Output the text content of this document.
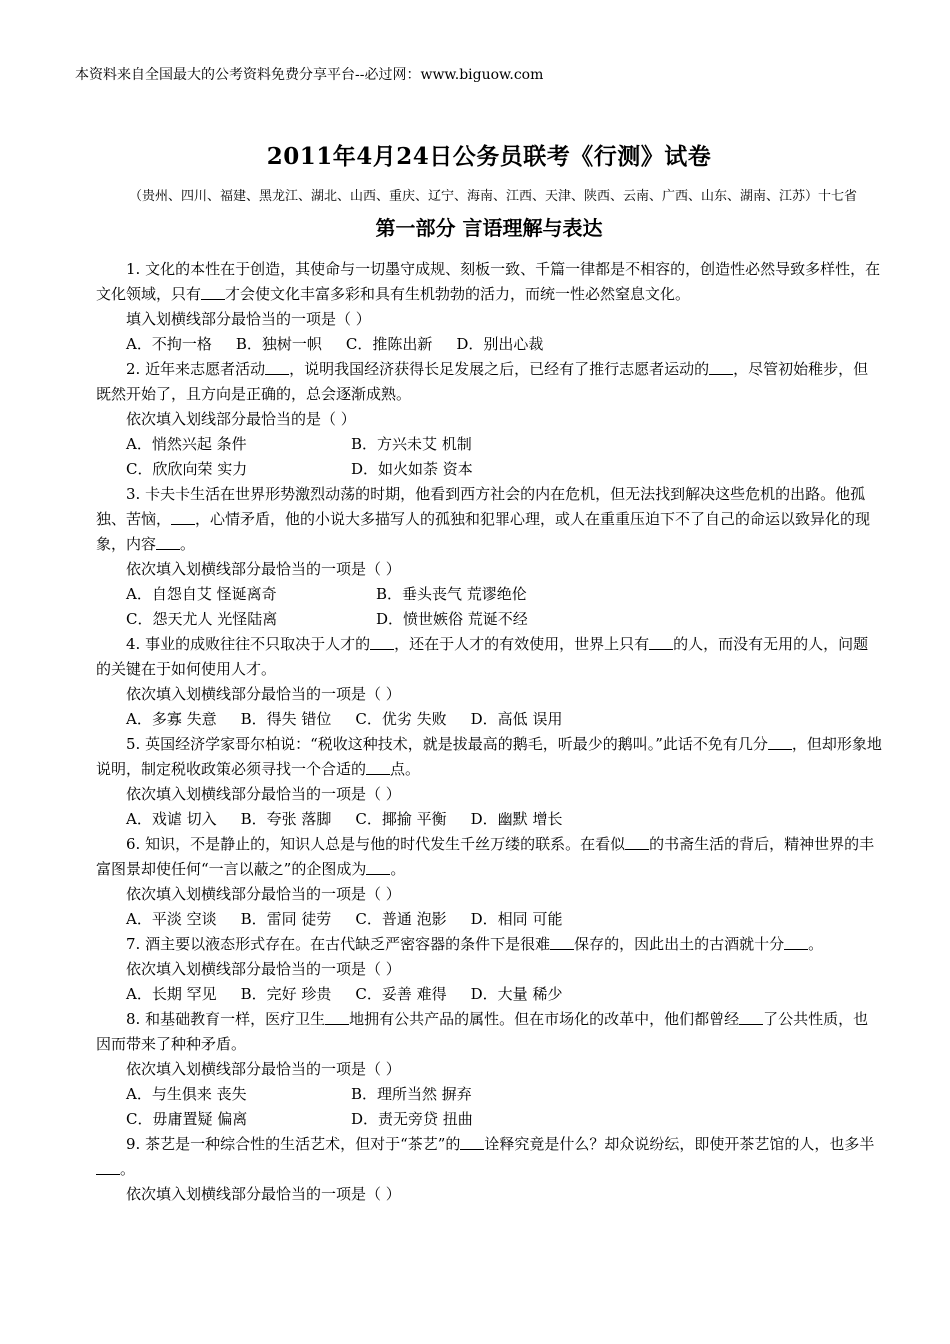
本资料来自全国最大的公考资料免费分享平台--必过网：www.biguow.com
2011年4月24日公务员联考《行测》试卷
（贵州、四川、福建、黑龙江、湖北、山西、重庆、辽宁、海南、江西、天津、陕西、云南、广西、山东、湖南、江苏）十七省
第一部分 言语理解与表达

1. 文化的本性在于创造，其使命与一切墨守成规、刻板一致、千篇一律都是不相容的，创造性必然导致多样性，在文化领域，只有 才会使文化丰富多彩和具有生机勃勃的活力，而统一性必然窒息文化。

填入划横线部分最恰当的一项是（ ）

A．不拘一格 B．独树一帜 C．推陈出新 D．别出心裁

2. 近年来志愿者活动 ，说明我国经济获得长足发展之后，已经有了推行志愿者运动的 ，尽管初始稚步，但既然开始了，且方向是正确的，总会逐渐成熟。

依次填入划线部分最恰当的是（ ）

A．悄然兴起 条件	B．方兴未艾 机制
C．欣欣向荣 实力	D．如火如荼 资本

3. 卡夫卡生活在世界形势激烈动荡的时期，他看到西方社会的内在危机，但无法找到解决这些危机的出路。他孤独、苦恼， ，心情矛盾，他的小说大多描写人的孤独和犯罪心理，或人在重重压迫下不了自己的命运以致异化的现象，内容 。

依次填入划横线部分最恰当的一项是（ ）

A．自怨自艾 怪诞离奇	B．垂头丧气 荒谬绝伦
C．怨天尤人 光怪陆离	D．愤世嫉俗 荒诞不经

4. 事业的成败往往不只取决于人才的 ，还在于人才的有效使用，世界上只有 的人，而没有无用的人，问题的关键在于如何使用人才。

依次填入划横线部分最恰当的一项是（ ）

A．多寡 失意 B．得失 错位 C．优劣 失败 D．高低 误用

5. 英国经济学家哥尔柏说：“税收这种技术，就是拔最高的鹅毛，听最少的鹅叫。”此话不免有几分 ，但却形象地说明，制定税收政策必须寻找一个合适的 点。

依次填入划横线部分最恰当的一项是（ ）

A．戏谑 切入 B．夸张 落脚 C．揶揄 平衡 D．幽默 增长

6. 知识，不是静止的，知识人总是与他的时代发生千丝万缕的联系。在看似 的书斋生活的背后，精神世界的丰富图景却使任何“一言以蔽之”的企图成为 。

依次填入划横线部分最恰当的一项是（ ）

A．平淡 空谈 B．雷同 徒劳 C．普通 泡影 D．相同 可能

7. 酒主要以液态形式存在。在古代缺乏严密容器的条件下是很难 保存的，因此出土的古酒就十分 。

依次填入划横线部分最恰当的一项是（ ）

A．长期 罕见 B．完好 珍贵 C．妥善 难得 D．大量 稀少

8. 和基础教育一样，医疗卫生 地拥有公共产品的属性。但在市场化的改革中，他们都曾经 了公共性质，也因而带来了种种矛盾。

依次填入划横线部分最恰当的一项是（ ）

A．与生俱来 丧失	B．理所当然 摒弃
C．毋庸置疑 偏离	D．责无旁贷 扭曲

9. 茶艺是一种综合性的生活艺术，但对于“茶艺”的 诠释究竟是什么？却众说纷纭，即使开茶艺馆的人，也多半。

依次填入划横线部分最恰当的一项是（ ）
